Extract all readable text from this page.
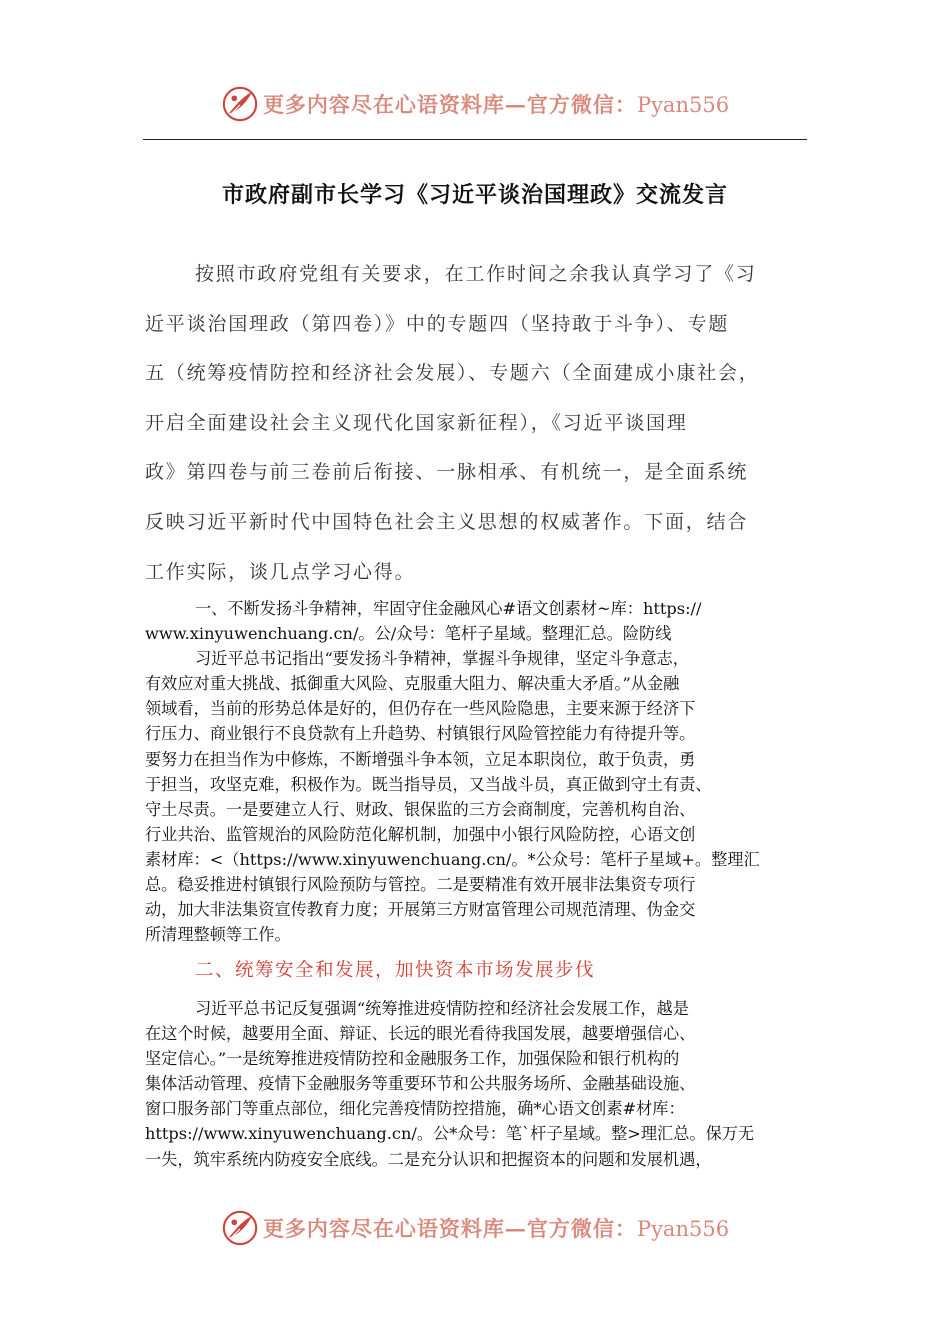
更多内容尽在心语资料库—官方微信：Pyan556
市政府副市长学习《习近平谈治国理政》交流发言
按照市政府党组有关要求，在工作时间之余我认真学习了《习
近平谈治国理政（第四卷）》中的专题四（坚持敢于斗争）、专题
五（统筹疫情防控和经济社会发展）、专题六（全面建成小康社会，
开启全面建设社会主义现代化国家新征程），《习近平谈国理
政》第四卷与前三卷前后衔接、一脉相承、有机统一，是全面系统
反映习近平新时代中国特色社会主义思想的权威著作。下面，结合
工作实际，谈几点学习心得。
一、不断发扬斗争精神，牢固守住金融风心#语文创素材~库：https://
www.xinyuwenchuang.cn/。公/众号：笔杆子星域。整理汇总。险防线
习近平总书记指出“要发扬斗争精神，掌握斗争规律，坚定斗争意志，
有效应对重大挑战、抵御重大风险、克服重大阻力、解决重大矛盾。”从金融
领域看，当前的形势总体是好的，但仍存在一些风险隐患，主要来源于经济下
行压力、商业银行不良贷款有上升趋势、村镇银行风险管控能力有待提升等。
要努力在担当作为中修炼，不断增强斗争本领，立足本职岗位，敢于负责，勇
于担当，攻坚克难，积极作为。既当指导员，又当战斗员，真正做到守土有责、
守土尽责。一是要建立人行、财政、银保监的三方会商制度，完善机构自治、
行业共治、监管规治的风险防范化解机制，加强中小银行风险防控，心语文创
素材库：<（https://www.xinyuwenchuang.cn/。*公众号：笔杆子星域+。整理汇
总。稳妥推进村镇银行风险预防与管控。二是要精准有效开展非法集资专项行
动，加大非法集资宣传教育力度；开展第三方财富管理公司规范清理、伪金交
所清理整顿等工作。
二、统筹安全和发展，加快资本市场发展步伐
习近平总书记反复强调“统筹推进疫情防控和经济社会发展工作，越是
在这个时候，越要用全面、辩证、长远的眼光看待我国发展，越要增强信心、
坚定信心。”一是统筹推进疫情防控和金融服务工作，加强保险和银行机构的
集体活动管理、疫情下金融服务等重要环节和公共服务场所、金融基础设施、
窗口服务部门等重点部位，细化完善疫情防控措施，确*心语文创素#材库：
https://www.xinyuwenchuang.cn/。公*众号：笔`杆子星域。整>理汇总。保万无
一失，筑牢系统内防疫安全底线。二是充分认识和把握资本的问题和发展机遇，
更多内容尽在心语资料库—官方微信：Pyan556
